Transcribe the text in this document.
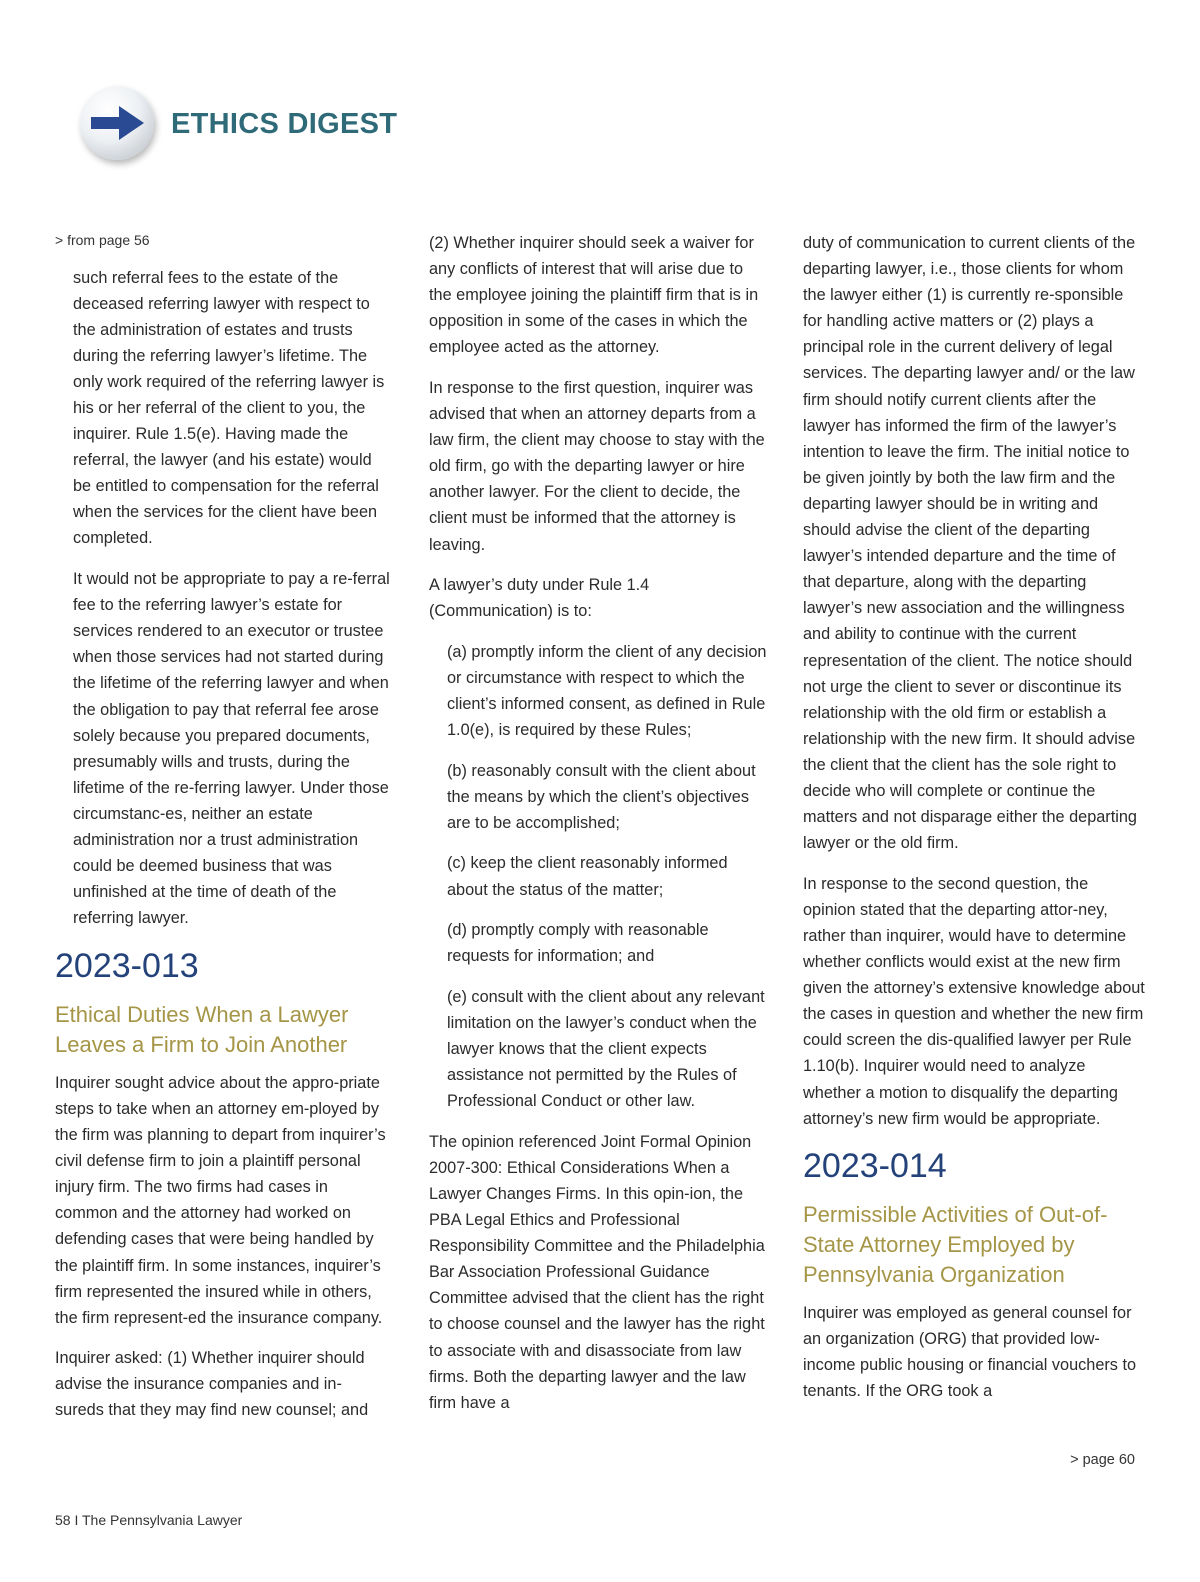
ETHICS DIGEST

> from page 56

such referral fees to the estate of the deceased referring lawyer with respect to the administration of estates and trusts during the referring lawyer’s lifetime. The only work required of the referring lawyer is his or her referral of the client to you, the inquirer. Rule 1.5(e). Having made the referral, the lawyer (and his estate) would be entitled to compensation for the referral when the services for the client have been completed.

It would not be appropriate to pay a re-ferral fee to the referring lawyer’s estate for services rendered to an executor or trustee when those services had not started during the lifetime of the referring lawyer and when the obligation to pay that referral fee arose solely because you prepared documents, presumably wills and trusts, during the lifetime of the re-ferring lawyer. Under those circumstanc-es, neither an estate administration nor a trust administration could be deemed business that was unfinished at the time of death of the referring lawyer.

2023-013
Ethical Duties When a Lawyer Leaves a Firm to Join Another

Inquirer sought advice about the appro-priate steps to take when an attorney em-ployed by the firm was planning to depart from inquirer’s civil defense firm to join a plaintiff personal injury firm. The two firms had cases in common and the attorney had worked on defending cases that were being handled by the plaintiff firm. In some instances, inquirer’s firm represented the insured while in others, the firm represent-ed the insurance company.

Inquirer asked: (1) Whether inquirer should advise the insurance companies and in-sureds that they may find new counsel; and

(2) Whether inquirer should seek a waiver for any conflicts of interest that will arise due to the employee joining the plaintiff firm that is in opposition in some of the cases in which the employee acted as the attorney.

In response to the first question, inquirer was advised that when an attorney departs from a law firm, the client may choose to stay with the old firm, go with the departing lawyer or hire another lawyer. For the client to decide, the client must be informed that the attorney is leaving.

A lawyer’s duty under Rule 1.4 (Communication) is to:

(a) promptly inform the client of any decision or circumstance with respect to which the client’s informed consent, as defined in Rule 1.0(e), is required by these Rules;

(b) reasonably consult with the client about the means by which the client’s objectives are to be accomplished;

(c) keep the client reasonably informed about the status of the matter;

(d) promptly comply with reasonable requests for information; and

(e) consult with the client about any relevant limitation on the lawyer’s conduct when the lawyer knows that the client expects assistance not permitted by the Rules of Professional Conduct or other law.

The opinion referenced Joint Formal Opinion 2007-300: Ethical Considerations When a Lawyer Changes Firms. In this opin-ion, the PBA Legal Ethics and Professional Responsibility Committee and the Philadelphia Bar Association Professional Guidance Committee advised that the client has the right to choose counsel and the lawyer has the right to associate with and disassociate from law firms. Both the departing lawyer and the law firm have a

duty of communication to current clients of the departing lawyer, i.e., those clients for whom the lawyer either (1) is currently re-sponsible for handling active matters or (2) plays a principal role in the current delivery of legal services. The departing lawyer and/ or the law firm should notify current clients after the lawyer has informed the firm of the lawyer’s intention to leave the firm. The initial notice to be given jointly by both the law firm and the departing lawyer should be in writing and should advise the client of the departing lawyer’s intended departure and the time of that departure, along with the departing lawyer’s new association and the willingness and ability to continue with the current representation of the client. The notice should not urge the client to sever or discontinue its relationship with the old firm or establish a relationship with the new firm. It should advise the client that the client has the sole right to decide who will complete or continue the matters and not disparage either the departing lawyer or the old firm.

In response to the second question, the opinion stated that the departing attor-ney, rather than inquirer, would have to determine whether conflicts would exist at the new firm given the attorney’s extensive knowledge about the cases in question and whether the new firm could screen the dis-qualified lawyer per Rule 1.10(b). Inquirer would need to analyze whether a motion to disqualify the departing attorney’s new firm would be appropriate.

2023-014
Permissible Activities of Out-of-State Attorney Employed by Pennsylvania Organization

Inquirer was employed as general counsel for an organization (ORG) that provided low-income public housing or financial vouchers to tenants. If the ORG took a

> page 60
58 I The Pennsylvania Lawyer
